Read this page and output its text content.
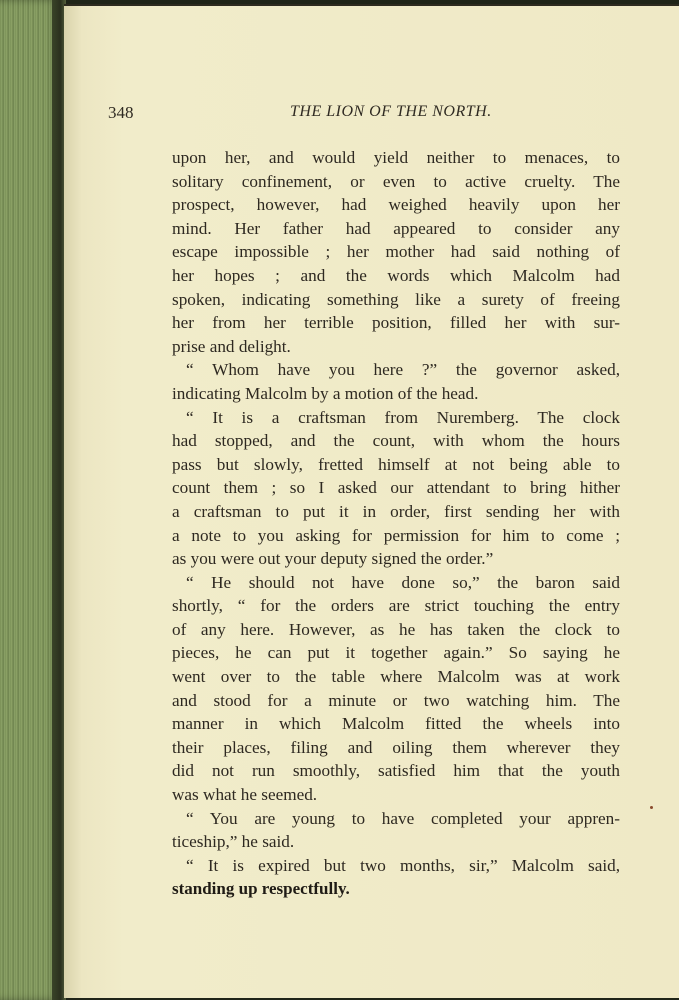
348	THE LION OF THE NORTH.
upon her, and would yield neither to menaces, to
solitary confinement, or even to active cruelty. The
prospect, however, had weighed heavily upon her
mind. Her father had appeared to consider any
escape impossible ; her mother had said nothing of
her hopes ; and the words which Malcolm had
spoken, indicating something like a surety of freeing
her from her terrible position, filled her with sur-
prise and delight.
“ Whom have you here ?” the governor asked,
indicating Malcolm by a motion of the head.
“ It is a craftsman from Nuremberg. The clock
had stopped, and the count, with whom the hours
pass but slowly, fretted himself at not being able to
count them ; so I asked our attendant to bring hither
a craftsman to put it in order, first sending her with
a note to you asking for permission for him to come ;
as you were out your deputy signed the order.”
“ He should not have done so,” the baron said
shortly, “ for the orders are strict touching the entry
of any here. However, as he has taken the clock to
pieces, he can put it together again.” So saying he
went over to the table where Malcolm was at work
and stood for a minute or two watching him. The
manner in which Malcolm fitted the wheels into
their places, filing and oiling them wherever they
did not run smoothly, satisfied him that the youth
was what he seemed.
“ You are young to have completed your appren-
ticeship,” he said.
“ It is expired but two months, sir,” Malcolm said,
standing up respectfully.
